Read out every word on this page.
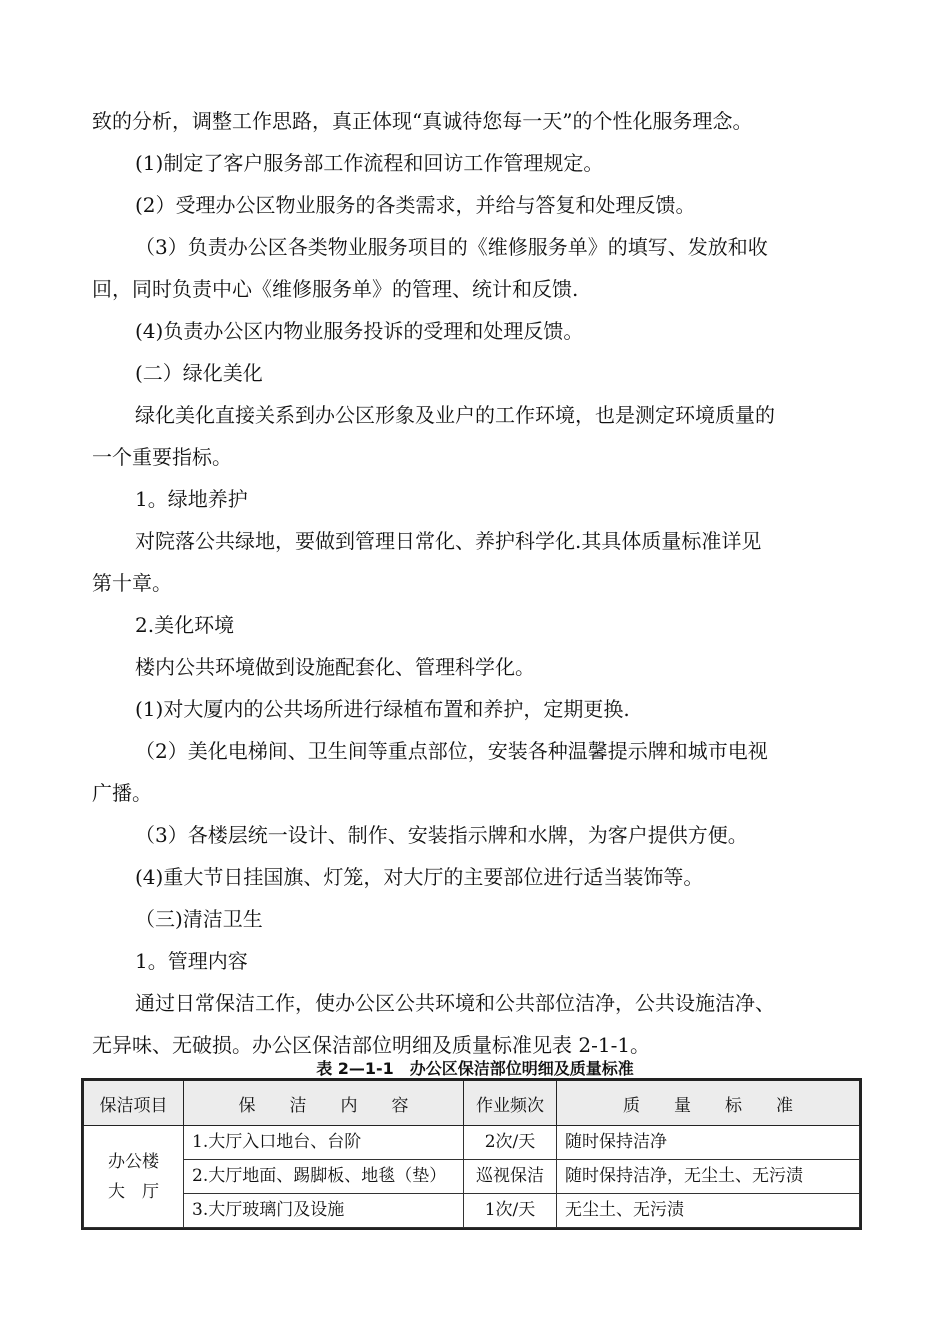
致的分析，调整工作思路，真正体现“真诚待您每一天”的个性化服务理念。
(1)制定了客户服务部工作流程和回访工作管理规定。
(2）受理办公区物业服务的各类需求，并给与答复和处理反馈。
（3）负责办公区各类物业服务项目的《维修服务单》的填写、发放和收
回，同时负责中心《维修服务单》的管理、统计和反馈.
(4)负责办公区内物业服务投诉的受理和处理反馈。
(二）绿化美化
绿化美化直接关系到办公区形象及业户的工作环境，也是测定环境质量的
一个重要指标。
1。绿地养护
对院落公共绿地，要做到管理日常化、养护科学化.其具体质量标准详见
第十章。
2.美化环境
楼内公共环境做到设施配套化、管理科学化。
(1)对大厦内的公共场所进行绿植布置和养护，定期更换.
（2）美化电梯间、卫生间等重点部位，安装各种温馨提示牌和城市电视
广播。
（3）各楼层统一设计、制作、安装指示牌和水牌，为客户提供方便。
(4)重大节日挂国旗、灯笼，对大厅的主要部位进行适当装饰等。
（三)清洁卫生
1。管理内容
通过日常保洁工作，使办公区公共环境和公共部位洁净，公共设施洁净、
无异味、无破损。办公区保洁部位明细及质量标准见表 2-1-1。
表 2—1-1　办公区保洁部位明细及质量标准
保洁项目	保　　洁　　内　　容	作业频次	质　　量　　标　　准

办公楼
大　厅	1.大厅入口地台、台阶	2次/天	随时保持洁净
	2.大厅地面、踢脚板、地毯（垫）	巡视保洁	随时保持洁净，无尘土、无污渍
	3.大厅玻璃门及设施	1次/天	无尘土、无污渍
